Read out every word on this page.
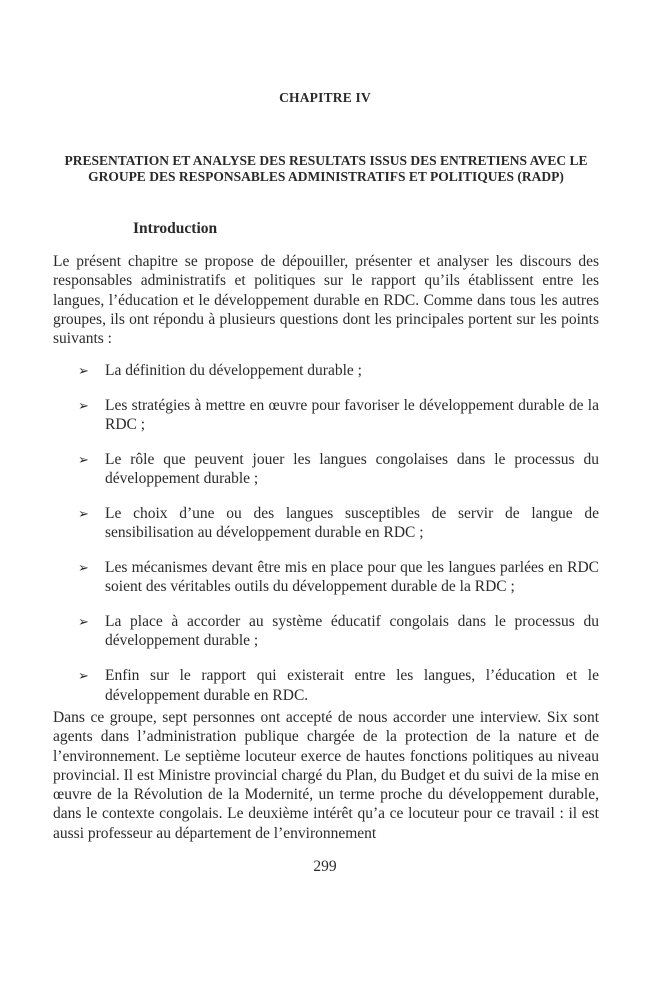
CHAPITRE IV
PRESENTATION ET ANALYSE DES RESULTATS ISSUS DES ENTRETIENS AVEC LE GROUPE DES RESPONSABLES ADMINISTRATIFS ET POLITIQUES (RADP)
Introduction
Le présent chapitre se propose de dépouiller, présenter et analyser les discours des responsables administratifs et politiques sur le rapport qu’ils établissent entre les langues, l’éducation et le développement durable en RDC. Comme dans tous les autres groupes, ils ont répondu à plusieurs questions dont les principales portent sur les points suivants :
➢ La définition du développement durable ;
➢ Les stratégies à mettre en œuvre pour favoriser le développement durable de la RDC ;
➢ Le rôle que peuvent jouer les langues congolaises dans le processus du développement durable ;
➢ Le choix d’une ou des langues susceptibles de servir de langue de sensibilisation au développement durable en RDC ;
➢ Les mécanismes devant être mis en place pour que les langues parlées en RDC soient des véritables outils du développement durable de la RDC ;
➢ La place à accorder au système éducatif congolais dans le processus du développement durable ;
➢ Enfin sur le rapport qui existerait entre les langues, l’éducation et le développement durable en RDC.
Dans ce groupe, sept personnes ont accepté de nous accorder une interview. Six sont agents dans l’administration publique chargée de la protection de la nature et de l’environnement. Le septième locuteur exerce de hautes fonctions politiques au niveau provincial. Il est Ministre provincial chargé du Plan, du Budget et du suivi de la mise en œuvre de la Révolution de la Modernité, un terme proche du développement durable, dans le contexte congolais. Le deuxième intérêt qu’a ce locuteur pour ce travail : il est aussi professeur au département de l’environnement
299
